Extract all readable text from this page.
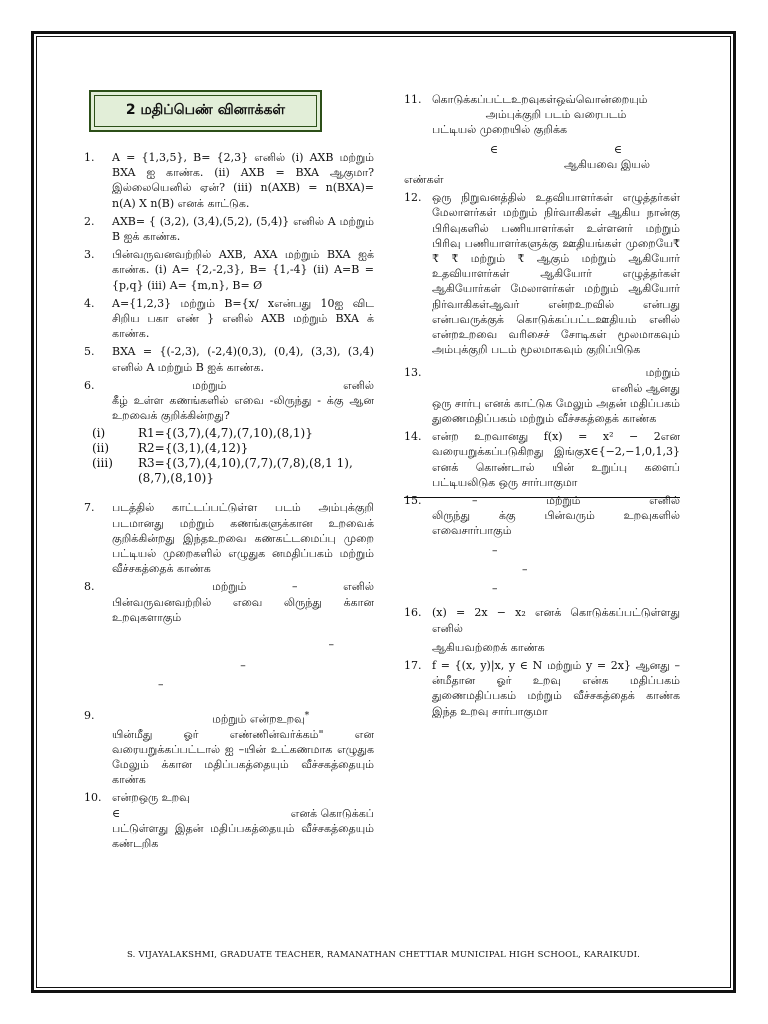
2 மதிப்பெண் வினாக்கள்
1.	A = {1,3,5}, B= {2,3} எனில் (i) AXB மற்றும் BXA ஐ காண்க. (ii) AXB = BXA ஆகுமா? இல்லையெனில் ஏன்? (iii) n(AXB) = n(BXA)= n(A) X n(B) எனக் காட்டுக.
2.	AXB= { (3,2), (3,4),(5,2), (5,4)} எனில் A மற்றும் B ஐக் காண்க.
3.	பின்வருவனவற்றில் AXB, AXA மற்றும் BXA ஐக் காண்க. (i) A= {2,-2,3}, B= {1,-4} (ii) A=B = {p,q} (iii) A= {m,n}, B= Ø
4.	A={1,2,3} மற்றும் B={x/ xஎன்பது 10ஐ விட சிறிய பகா எண் } எனில் AXB மற்றும் BXA க் காண்க.
5.	BXA = {(-2,3), (-2,4)(0,3), (0,4), (3,3), (3,4) எனில் A மற்றும் B ஐக் காண்க.
6.	மற்றும்	எனில்

கீழ் உள்ள கணங்களில் எவை -லிருந்து - க்கு ஆன உறவைக் குறிக்கின்றது?

(i)	R1={(3,7),(4,7),(7,10),(8,1)}
(ii)	R2={(3,1),(4,12)}
(iii)	R3={(3,7),(4,10),(7,7),(7,8),(8,1 1),(8,7),(8,10)}
7.	படத்தில் காட்டப்பட்டுள்ள படம் அம்புக்குறி படமானது மற்றும் கணங்களுக்கான உறவைக் குறிக்கின்றது இந்தஉறவை கணகட்டமைப்பு முறை பட்டியல் முறைகளில் எழுதுக னமதிப்பகம் மற்றும் வீச்சகத்தைக் காண்க
8.	மற்றும்	–	எனில்

பின்வருவனவற்றில் எவை லிருந்து க்கான உறவுகளாகும்

–

–

–

9.	மற்றும் என்றஉறவு*

யின்மீது ஓர் எண்ணின்வர்க்கம்" என வரையறுக்கப்பட்டால் ஐ –யின் உட்கணமாக எழுதுக மேலும் க்கான மதிப்பகத்தையும் வீச்சகத்தையும் காண்க

10. என்றஒரு உறவு

∈	எனக் கொடுக்கப்

பட்டுள்ளது இதன் மதிப்பகத்தையும் வீச்சகத்தையும் கண்டறிக

11. கொடுக்கப்பட்டஉறவுகள்ஒவ்வொன்றையும்

அம்புக்குறி படம் வரைபடம்

பட்டியல் முறையில் குறிக்க

∈	∈

ஆகியவை இயல்

எண்கள்
12. ஒரு நிறுவனத்தில் உதவியாளர்கள் எழுத்தர்கள் மேலாளர்கள் மற்றும் நிர்வாகிகள் ஆகிய நான்கு பிரிவுகளில் பணியாளர்கள் உள்ளனர் மற்றும் பிரிவு பணியாளர்களுக்கு ஊதியங்கள் முறையே₹ ₹ ₹ மற்றும் ₹ ஆகும் மற்றும் ஆகியோர் உதவியாளர்கள் ஆகியோர் எழுத்தர்கள் ஆகியோர்கள் மேலாளர்கள் மற்றும் ஆகியோர் நிர்வாகிகள்ஆவர் என்றஉறவில் என்பது என்பவருக்குக் கொடுக்கப்பட்டஊதியம் எனில் என்றஉறவை வரிசைச் சோடிகள் மூலமாகவும் அம்புக்குறி படம் மூலமாகவும் குறிப்பிடுக
13.	மற்றும்

எனில் ஆனது

ஒரு சார்பு எனக் காட்டுக மேலும் அதன் மதிப்பகம் துணைமதிப்பகம் மற்றும் வீச்சகத்தைக் காண்க

14. என்ற உறவானது f(x) = x² − 2என வரையறுக்கப்படுகிறது இங்குx∈{−2,−1,0,1,3} எனக் கொண்டால் யின் உறுப்பு களைப் பட்டியலிடுக ஒரு சார்பாகுமா
15.	–	மற்றும்	எனில்

லிருந்து க்கு பின்வரும் உறவுகளில் எவைசார்பாகும்

–

–

–

16. (x) = 2x − x₂ எனக் கொடுக்கப்பட்டுள்ளது எனில்

ஆகியவற்றைக் காண்க

17. f = {(x, y)|x, y ∈ N மற்றும் y = 2x} ஆனது –ன்மீதான ஓர் உறவு என்க மதிப்பகம் துணைமதிப்பகம் மற்றும் வீச்சகத்தைக் காண்க இந்த உறவு சார்பாகுமா
S. VIJAYALAKSHMI, GRADUATE TEACHER, RAMANATHAN CHETTIAR MUNICIPAL HIGH SCHOOL, KARAIKUDI.
